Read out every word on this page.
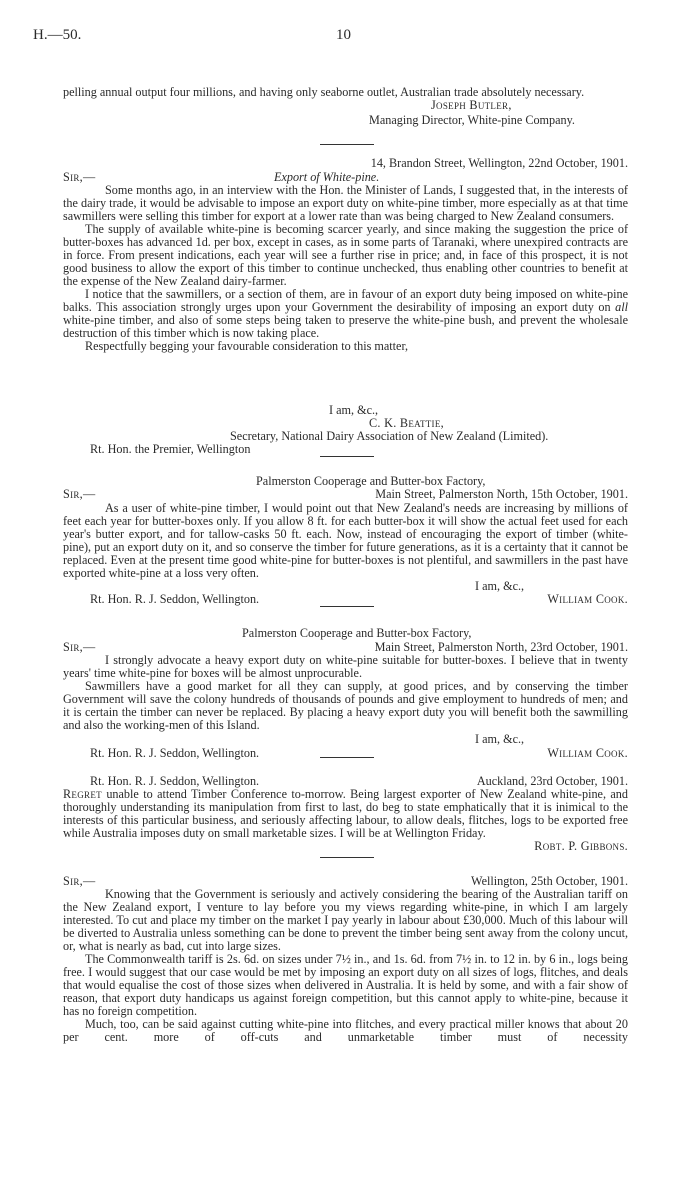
H.—50.	10

pelling annual output four millions, and having only seaborne outlet, Australian trade absolutely necessary.

Joseph Butler,
Managing Director, White-pine Company.
14, Brandon Street, Wellington, 22nd October, 1901.
Sir,—	Export of White-pine.

Some months ago, in an interview with the Hon. the Minister of Lands, I suggested that, in the interests of the dairy trade, it would be advisable to impose an export duty on white-pine timber, more especially as at that time sawmillers were selling this timber for export at a lower rate than was being charged to New Zealand consumers.

The supply of available white-pine is becoming scarcer yearly, and since making the suggestion the price of butter-boxes has advanced 1d. per box, except in cases, as in some parts of Taranaki, where unexpired contracts are in force. From present indications, each year will see a further rise in price; and, in face of this prospect, it is not good business to allow the export of this timber to continue unchecked, thus enabling other countries to benefit at the expense of the New Zealand dairy-farmer.

I notice that the sawmillers, or a section of them, are in favour of an export duty being imposed on white-pine balks. This association strongly urges upon your Government the desirability of imposing an export duty on all white-pine timber, and also of some steps being taken to preserve the white-pine bush, and prevent the wholesale destruction of this timber which is now taking place.

Respectfully begging your favourable consideration to this matter,

I am, &c.,
C. K. Beattie,
Secretary, National Dairy Association of New Zealand (Limited).
Rt. Hon. the Premier, Wellington
Palmerston Cooperage and Butter-box Factory,
Sir,—	Main Street, Palmerston North, 15th October, 1901.

As a user of white-pine timber, I would point out that New Zealand's needs are increasing by millions of feet each year for butter-boxes only. If you allow 8 ft. for each butter-box it will show the actual feet used for each year's butter export, and for tallow-casks 50 ft. each. Now, instead of encouraging the export of timber (white-pine), put an export duty on it, and so conserve the timber for future generations, as it is a certainty that it cannot be replaced. Even at the present time good white-pine for butter-boxes is not plentiful, and sawmillers in the past have exported white-pine at a loss very often.

I am, &c.,
Rt. Hon. R. J. Seddon, Wellington.	William Cook.
Palmerston Cooperage and Butter-box Factory,
Sir,—	Main Street, Palmerston North, 23rd October, 1901.

I strongly advocate a heavy export duty on white-pine suitable for butter-boxes. I believe that in twenty years' time white-pine for boxes will be almost unprocurable.

Sawmillers have a good market for all they can supply, at good prices, and by conserving the timber Government will save the colony hundreds of thousands of pounds and give employment to hundreds of men; and it is certain the timber can never be replaced. By placing a heavy export duty you will benefit both the sawmilling and also the working-men of this Island.

I am, &c.,
Rt. Hon. R. J. Seddon, Wellington.	William Cook.
Rt. Hon. R. J. Seddon, Wellington.	Auckland, 23rd October, 1901.

Regret unable to attend Timber Conference to-morrow. Being largest exporter of New Zealand white-pine, and thoroughly understanding its manipulation from first to last, do beg to state emphatically that it is inimical to the interests of this particular business, and seriously affecting labour, to allow deals, flitches, logs to be exported free while Australia imposes duty on small marketable sizes. I will be at Wellington Friday.

Robt. P. Gibbons.
Sir,—	Wellington, 25th October, 1901.

Knowing that the Government is seriously and actively considering the bearing of the Australian tariff on the New Zealand export, I venture to lay before you my views regarding white-pine, in which I am largely interested. To cut and place my timber on the market I pay yearly in labour about £30,000. Much of this labour will be diverted to Australia unless something can be done to prevent the timber being sent away from the colony uncut, or, what is nearly as bad, cut into large sizes.

The Commonwealth tariff is 2s. 6d. on sizes under 7½ in., and 1s. 6d. from 7½ in. to 12 in. by 6 in., logs being free. I would suggest that our case would be met by imposing an export duty on all sizes of logs, flitches, and deals that would equalise the cost of those sizes when delivered in Australia. It is held by some, and with a fair show of reason, that export duty handicaps us against foreign competition, but this cannot apply to white-pine, because it has no foreign competition.

Much, too, can be said against cutting white-pine into flitches, and every practical miller knows that about 20 per cent. more of off-cuts and unmarketable timber must of necessity
